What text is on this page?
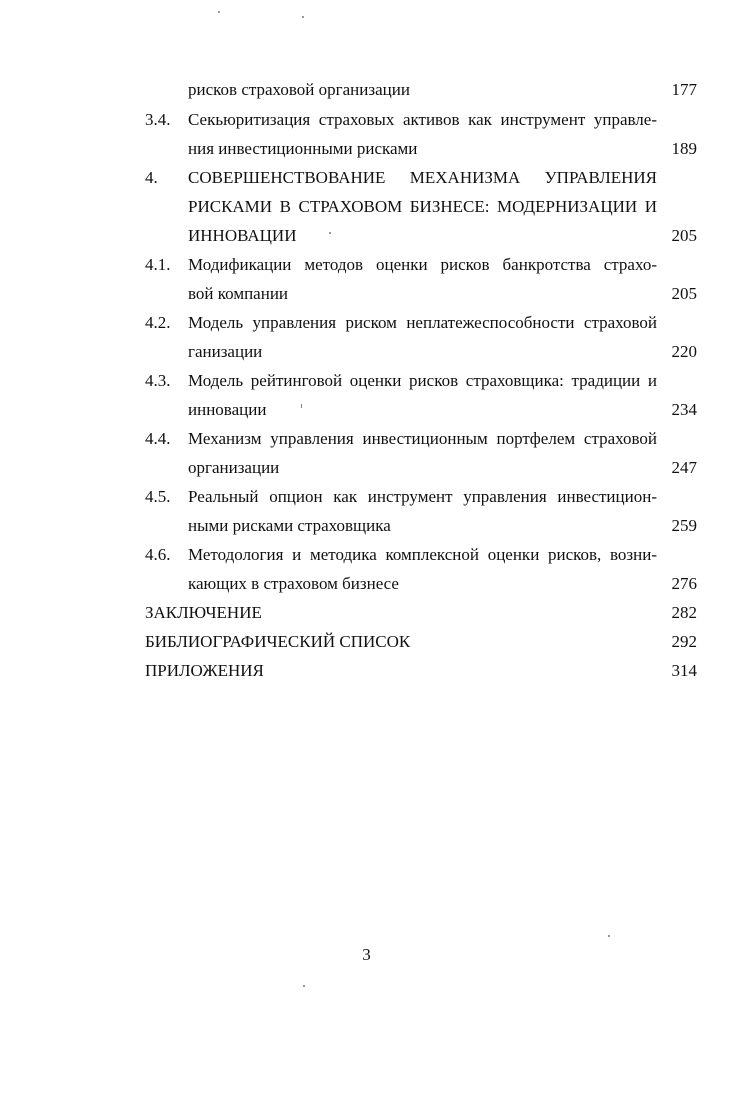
рисков страховой организации	177
3.4. Секьюритизация страховых активов как инструмент управле-
ния инвестиционными рисками	189
4. СОВЕРШЕНСТВОВАНИЕ МЕХАНИЗМА УПРАВЛЕНИЯ
РИСКАМИ В СТРАХОВОМ БИЗНЕСЕ: МОДЕРНИЗАЦИИ И
ИННОВАЦИИ	205
4.1. Модификации методов оценки рисков банкротства страхо-
вой компании	205
4.2. Модель управления риском неплатежеспособности страховой
ганизации	220
4.3. Модель рейтинговой оценки рисков страховщика: традиции и
инновации	234
4.4. Механизм управления инвестиционным портфелем страховой
организации	247
4.5. Реальный опцион как инструмент управления инвестицион-
ными рисками страховщика	259
4.6. Методология и методика комплексной оценки рисков, возни-
кающих в страховом бизнесе	276
ЗАКЛЮЧЕНИЕ	282
БИБЛИОГРАФИЧЕСКИЙ СПИСОК	292
ПРИЛОЖЕНИЯ	314
3
